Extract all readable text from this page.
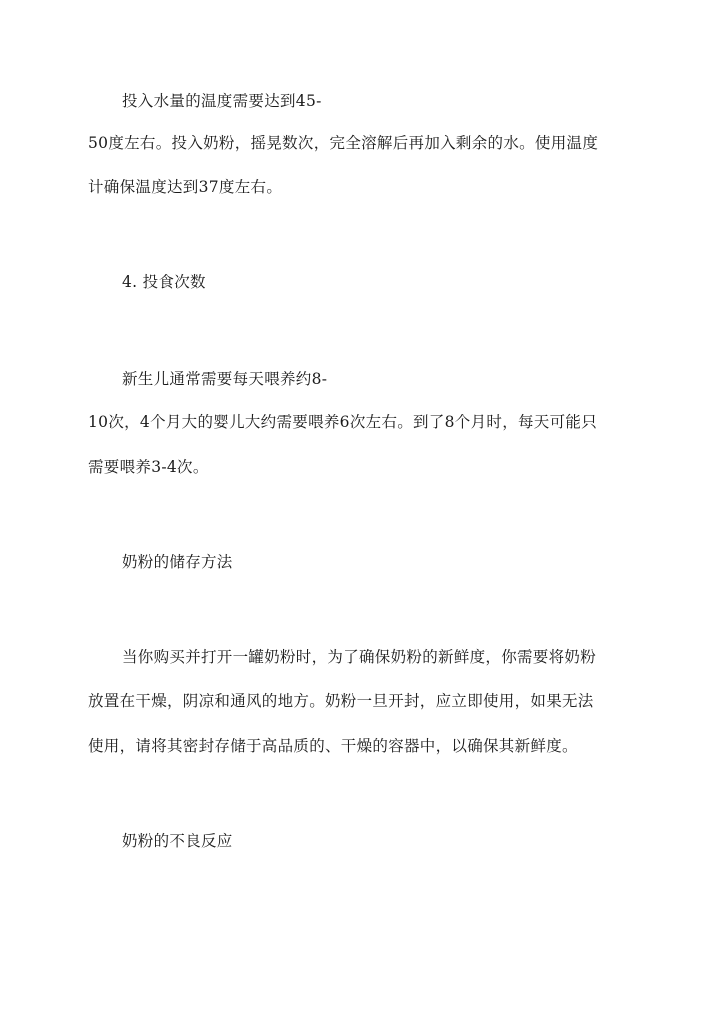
投入水量的温度需要达到45-
50度左右。投入奶粉，摇晃数次，完全溶解后再加入剩余的水。使用温度
计确保温度达到37度左右。
4. 投食次数
新生儿通常需要每天喂养约8-
10次，4个月大的婴儿大约需要喂养6次左右。到了8个月时，每天可能只
需要喂养3-4次。
奶粉的储存方法
当你购买并打开一罐奶粉时，为了确保奶粉的新鲜度，你需要将奶粉
放置在干燥，阴凉和通风的地方。奶粉一旦开封，应立即使用，如果无法
使用，请将其密封存储于高品质的、干燥的容器中，以确保其新鲜度。
奶粉的不良反应
